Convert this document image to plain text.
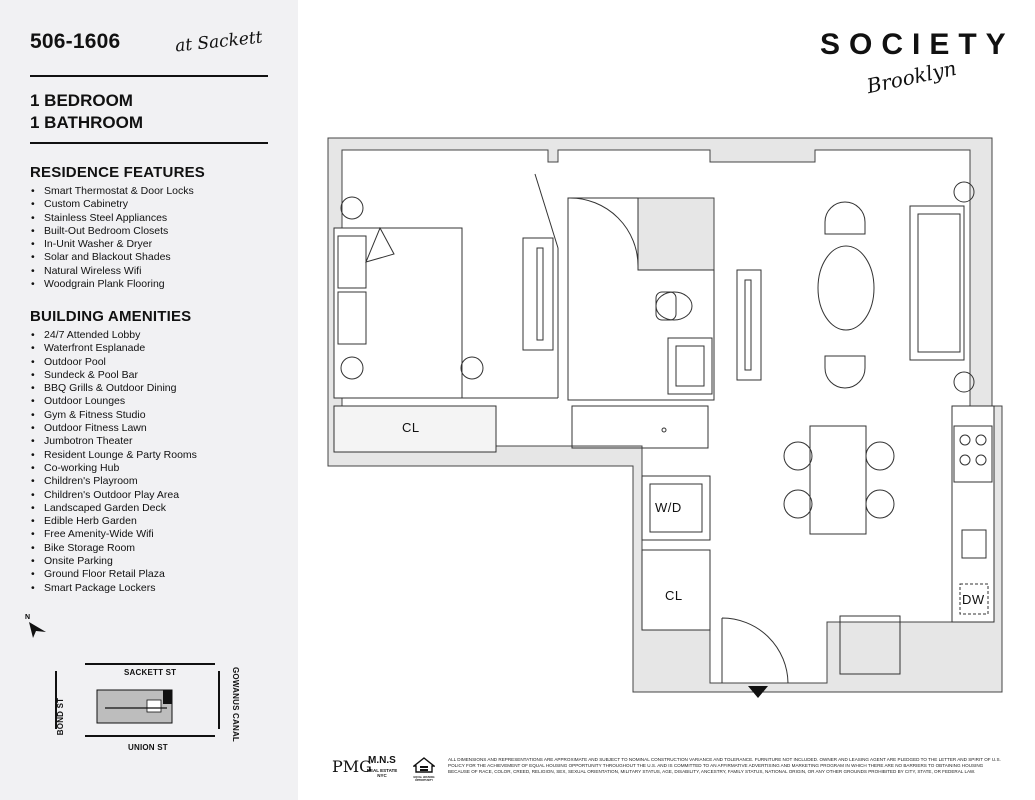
506-1606	at Sackett
1 BEDROOM
1 BATHROOM
RESIDENCE FEATURES
• Smart Thermostat & Door Locks
• Custom Cabinetry
• Stainless Steel Appliances
• Built-Out Bedroom Closets
• In-Unit Washer & Dryer
• Solar and Blackout Shades
• Natural Wireless Wifi
• Woodgrain Plank Flooring
BUILDING AMENITIES
• 24/7 Attended Lobby
• Waterfront Esplanade
• Outdoor Pool
• Sundeck & Pool Bar
• BBQ Grills & Outdoor Dining
• Outdoor Lounges
• Gym & Fitness Studio
• Outdoor Fitness Lawn
• Jumbotron Theater
• Resident Lounge & Party Rooms
• Co-working Hub
• Children's Playroom
• Children's Outdoor Play Area
• Landscaped Garden Deck
• Edible Herb Garden
• Free Amenity-Wide Wifi
• Bike Storage Room
• Onsite Parking
• Ground Floor Retail Plaza
• Smart Package Lockers
N
SACKETT ST
UNION ST
BOND ST	GOWANUS CANAL
SOCIETY
Brooklyn
CL
W/D
CL	DW
PMG
M.N.S
REAL ESTATE NYC	EQUAL HOUSING OPPORTUNITY
ALL DIMENSIONS AND REPRESENTATIONS ARE APPROXIMATE AND SUBJECT TO NOMINAL CONSTRUCTION VARIANCE AND TOLERANCE. FURNITURE NOT INCLUDED. OWNER AND LEASING AGENT ARE PLEDGED TO THE LETTER AND SPIRIT OF U.S. POLICY FOR THE ACHIEVEMENT OF EQUAL HOUSING OPPORTUNITY THROUGHOUT THE U.S. AND IS COMMITTED TO AN AFFIRMATIVE ADVERTISING AND MARKETING PROGRAM IN WHICH THERE ARE NO BARRIERS TO OBTAINING HOUSING BECAUSE OF RACE, COLOR, CREED, RELIGION, SEX, SEXUAL ORIENTATION, MILITARY STATUS, AGE, DISABILITY, ANCESTRY, FAMILY STATUS, NATIONAL ORIGIN, OR ANY OTHER GROUNDS PROHIBITED BY CITY, STATE, OR FEDERAL LAW.
